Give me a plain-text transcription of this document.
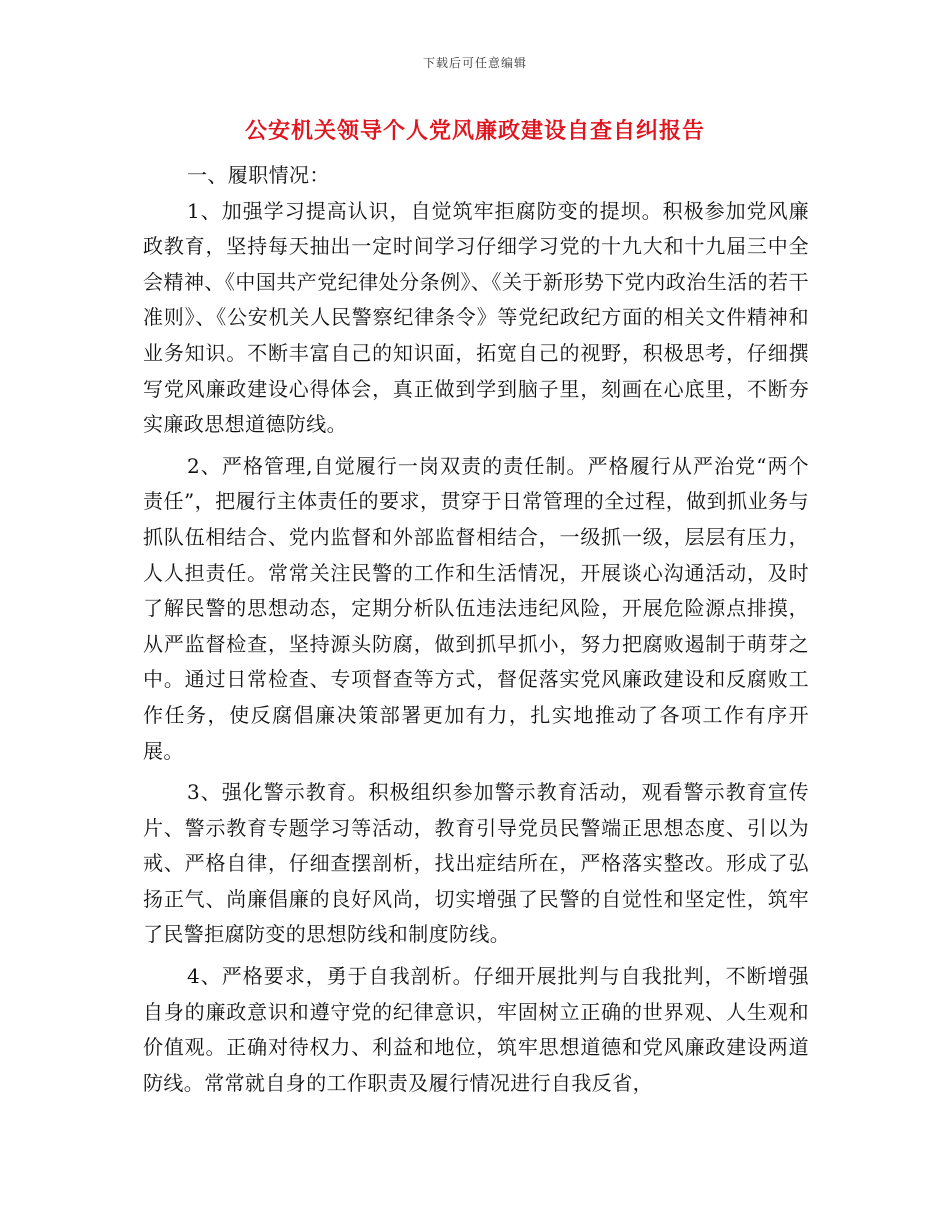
下载后可任意编辑
公安机关领导个人党风廉政建设自查自纠报告

一、履职情况：

1、加强学习提高认识，自觉筑牢拒腐防变的提坝。积极参加党风廉政教育，坚持每天抽出一定时间学习仔细学习党的十九大和十九届三中全会精神、《中国共产党纪律处分条例》、《关于新形势下党内政治生活的若干准则》、《公安机关人民警察纪律条令》等党纪政纪方面的相关文件精神和业务知识。不断丰富自己的知识面，拓宽自己的视野，积极思考，仔细撰写党风廉政建设心得体会，真正做到学到脑子里，刻画在心底里，不断夯实廉政思想道德防线。

2、严格管理,自觉履行一岗双责的责任制。严格履行从严治党“两个责任”，把履行主体责任的要求，贯穿于日常管理的全过程，做到抓业务与抓队伍相结合、党内监督和外部监督相结合，一级抓一级，层层有压力，人人担责任。常常关注民警的工作和生活情况，开展谈心沟通活动，及时了解民警的思想动态，定期分析队伍违法违纪风险，开展危险源点排摸，从严监督检查，坚持源头防腐，做到抓早抓小，努力把腐败遏制于萌芽之中。通过日常检查、专项督查等方式，督促落实党风廉政建设和反腐败工作任务，使反腐倡廉决策部署更加有力，扎实地推动了各项工作有序开展。

3、强化警示教育。积极组织参加警示教育活动，观看警示教育宣传片、警示教育专题学习等活动，教育引导党员民警端正思想态度、引以为戒、严格自律，仔细查摆剖析，找出症结所在，严格落实整改。形成了弘扬正气、尚廉倡廉的良好风尚，切实增强了民警的自觉性和坚定性，筑牢了民警拒腐防变的思想防线和制度防线。

4、严格要求，勇于自我剖析。仔细开展批判与自我批判，不断增强自身的廉政意识和遵守党的纪律意识，牢固树立正确的世界观、人生观和价值观。正确对待权力、利益和地位，筑牢思想道德和党风廉政建设两道防线。常常就自身的工作职责及履行情况进行自我反省，
